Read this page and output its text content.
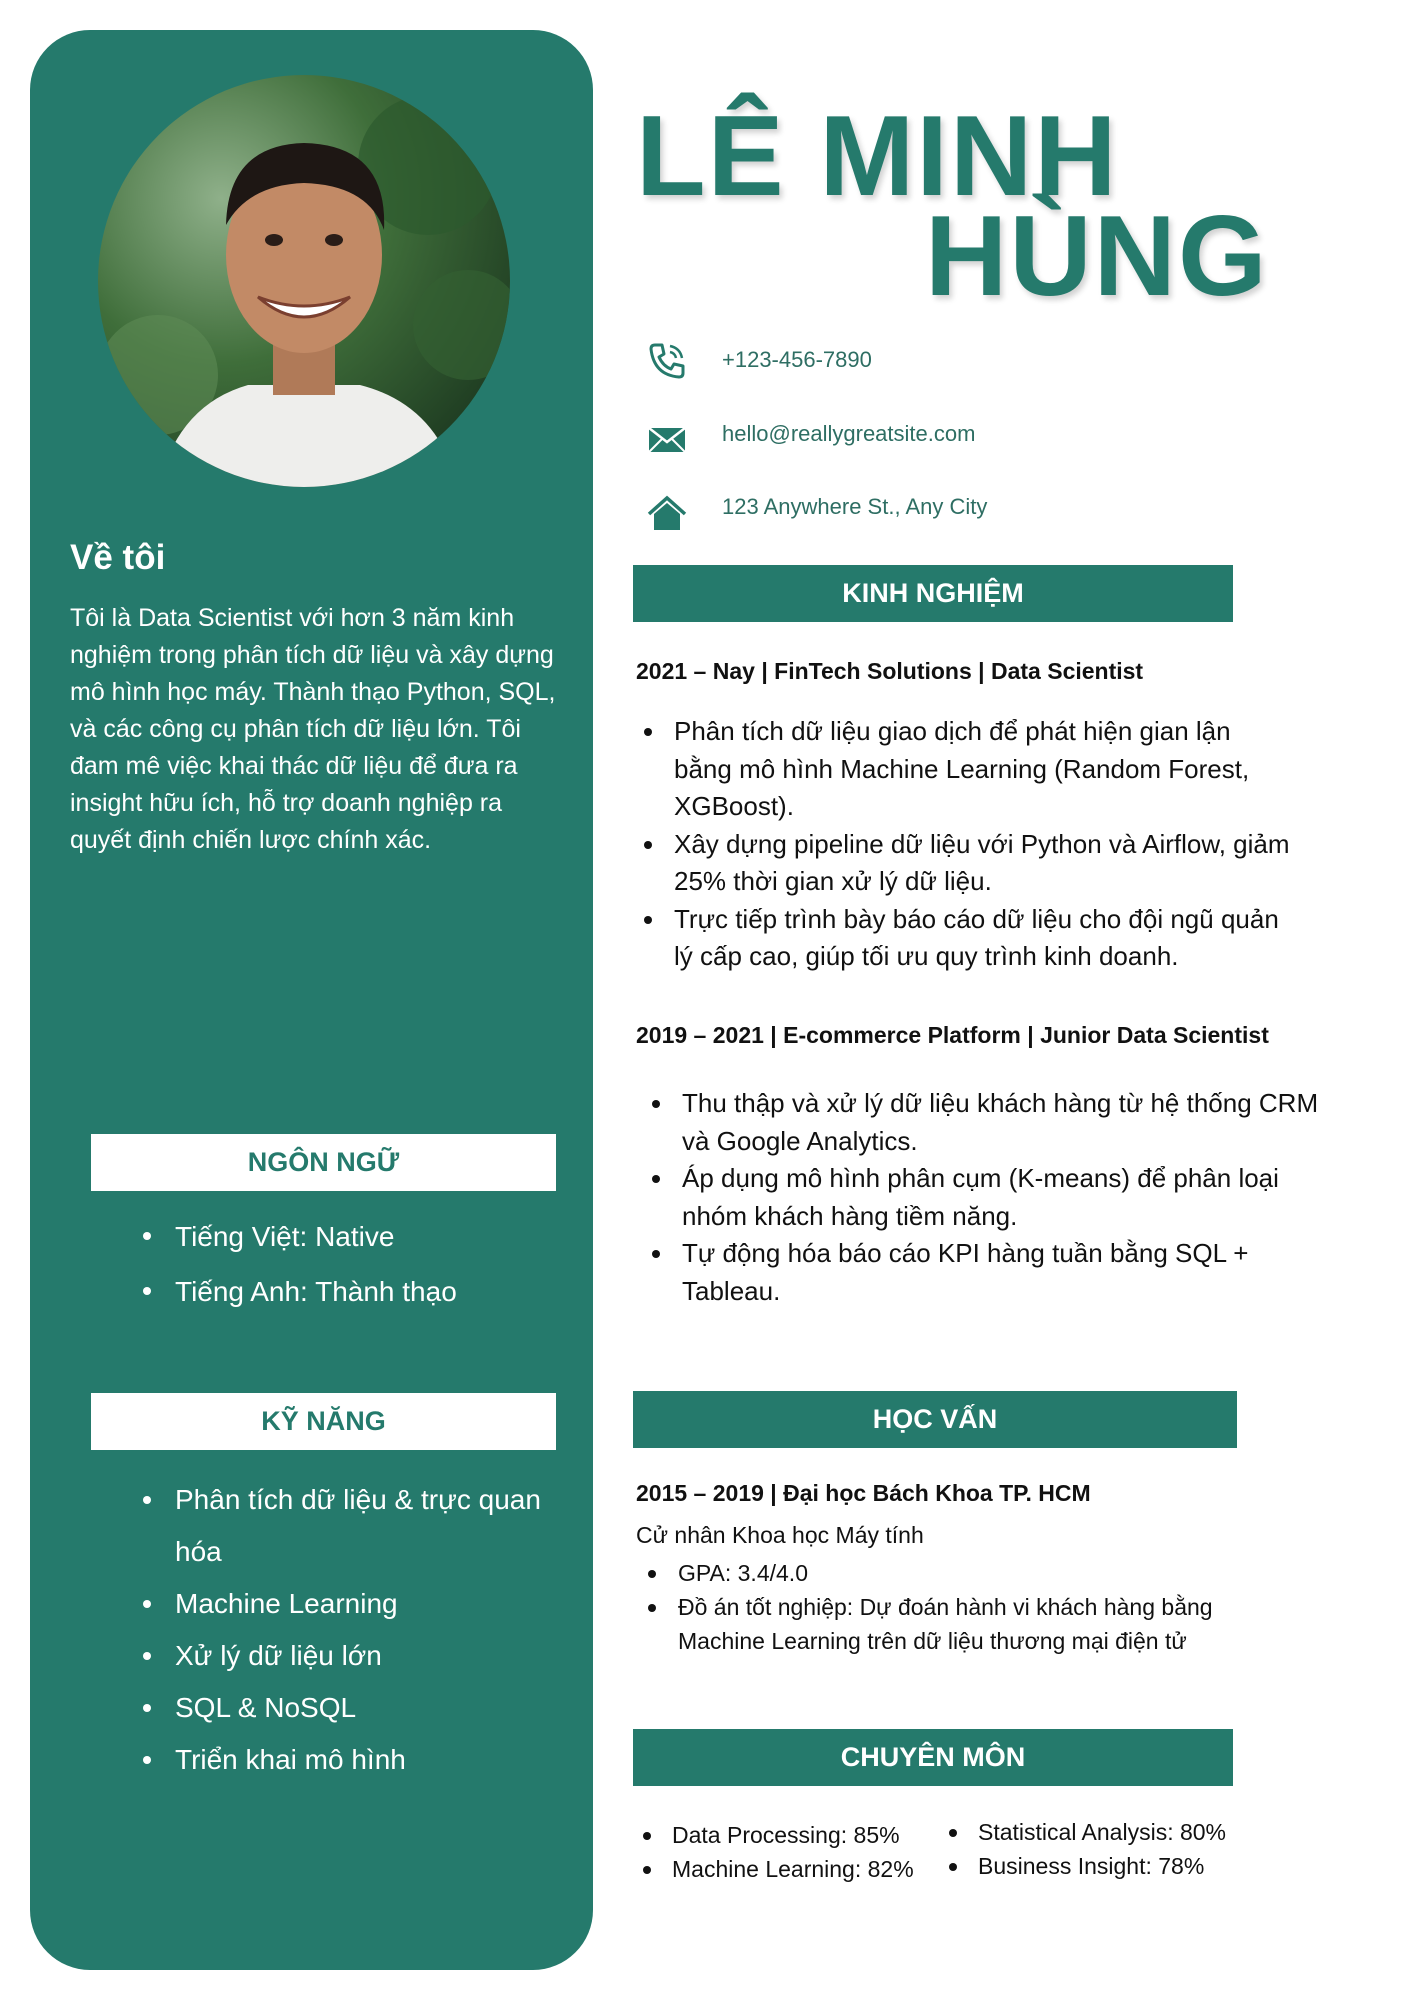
Về tôi
Tôi là Data Scientist với hơn 3 năm kinh nghiệm trong phân tích dữ liệu và xây dựng mô hình học máy. Thành thạo Python, SQL, và các công cụ phân tích dữ liệu lớn. Tôi đam mê việc khai thác dữ liệu để đưa ra insight hữu ích, hỗ trợ doanh nghiệp ra quyết định chiến lược chính xác.
NGÔN NGỮ
Tiếng Việt: Native
Tiếng Anh: Thành thạo
KỸ NĂNG
Phân tích dữ liệu & trực quan hóa
Machine Learning
Xử lý dữ liệu lớn
SQL & NoSQL
Triển khai mô hình
LÊ MINH
HÙNG
+123-456-7890
hello@reallygreatsite.com
123 Anywhere St., Any City
KINH NGHIỆM
2021 – Nay | FinTech Solutions | Data Scientist
Phân tích dữ liệu giao dịch để phát hiện gian lận bằng mô hình Machine Learning (Random Forest, XGBoost).
Xây dựng pipeline dữ liệu với Python và Airflow, giảm 25% thời gian xử lý dữ liệu.
Trực tiếp trình bày báo cáo dữ liệu cho đội ngũ quản lý cấp cao, giúp tối ưu quy trình kinh doanh.
2019 – 2021 | E-commerce Platform | Junior Data Scientist
Thu thập và xử lý dữ liệu khách hàng từ hệ thống CRM và Google Analytics.
Áp dụng mô hình phân cụm (K-means) để phân loại nhóm khách hàng tiềm năng.
Tự động hóa báo cáo KPI hàng tuần bằng SQL + Tableau.
HỌC VẤN
2015 – 2019 | Đại học Bách Khoa TP. HCM
Cử nhân Khoa học Máy tính
GPA: 3.4/4.0
Đồ án tốt nghiệp: Dự đoán hành vi khách hàng bằng Machine Learning trên dữ liệu thương mại điện tử
CHUYÊN MÔN
Data Processing: 85%
Machine Learning: 82%
Statistical Analysis: 80%
Business Insight: 78%
